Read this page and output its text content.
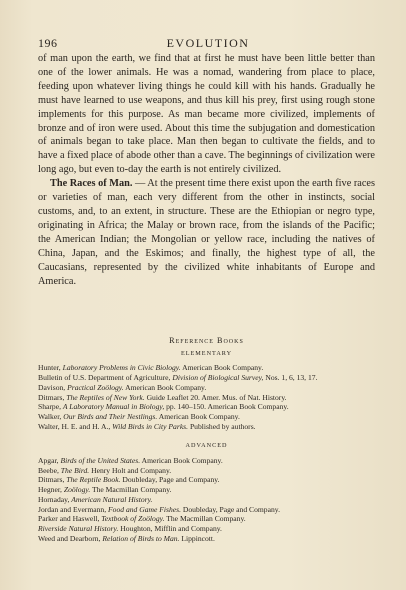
196	EVOLUTION

of man upon the earth, we find that at first he must have been little better than one of the lower animals. He was a nomad, wandering from place to place, feeding upon whatever living things he could kill with his hands. Gradually he must have learned to use weapons, and thus kill his prey, first using rough stone implements for this purpose. As man became more civilized, implements of bronze and of iron were used. About this time the subjugation and domestication of animals began to take place. Man then began to cultivate the fields, and to have a fixed place of abode other than a cave. The beginnings of civilization were long ago, but even to-day the earth is not entirely civilized.

The Races of Man. — At the present time there exist upon the earth five races or varieties of man, each very different from the other in instincts, social customs, and, to an extent, in structure. These are the Ethiopian or negro type, originating in Africa; the Malay or brown race, from the islands of the Pacific; the American Indian; the Mongolian or yellow race, including the natives of China, Japan, and the Eskimos; and finally, the highest type of all, the Caucasians, represented by the civilized white inhabitants of Europe and America.

Reference Books
ELEMENTARY
Hunter, Laboratory Problems in Civic Biology. American Book Company.
Bulletin of U.S. Department of Agriculture, Division of Biological Survey, Nos. 1, 6, 13, 17.
Davison, Practical Zoölogy. American Book Company.
Ditmars, The Reptiles of New York. Guide Leaflet 20. Amer. Mus. of Nat. History.
Sharpe, A Laboratory Manual in Biology, pp. 140–150. American Book Company.
Walker, Our Birds and Their Nestlings. American Book Company.
Walter, H. E. and H. A., Wild Birds in City Parks. Published by authors.
ADVANCED
Apgar, Birds of the United States. American Book Company.
Beebe, The Bird. Henry Holt and Company.
Ditmars, The Reptile Book. Doubleday, Page and Company.
Hegner, Zoölogy. The Macmillan Company.
Hornaday, American Natural History.
Jordan and Evermann, Food and Game Fishes. Doubleday, Page and Company.
Parker and Haswell, Textbook of Zoölogy. The Macmillan Company.
Riverside Natural History. Houghton, Mifflin and Company.
Weed and Dearborn, Relation of Birds to Man. Lippincott.
